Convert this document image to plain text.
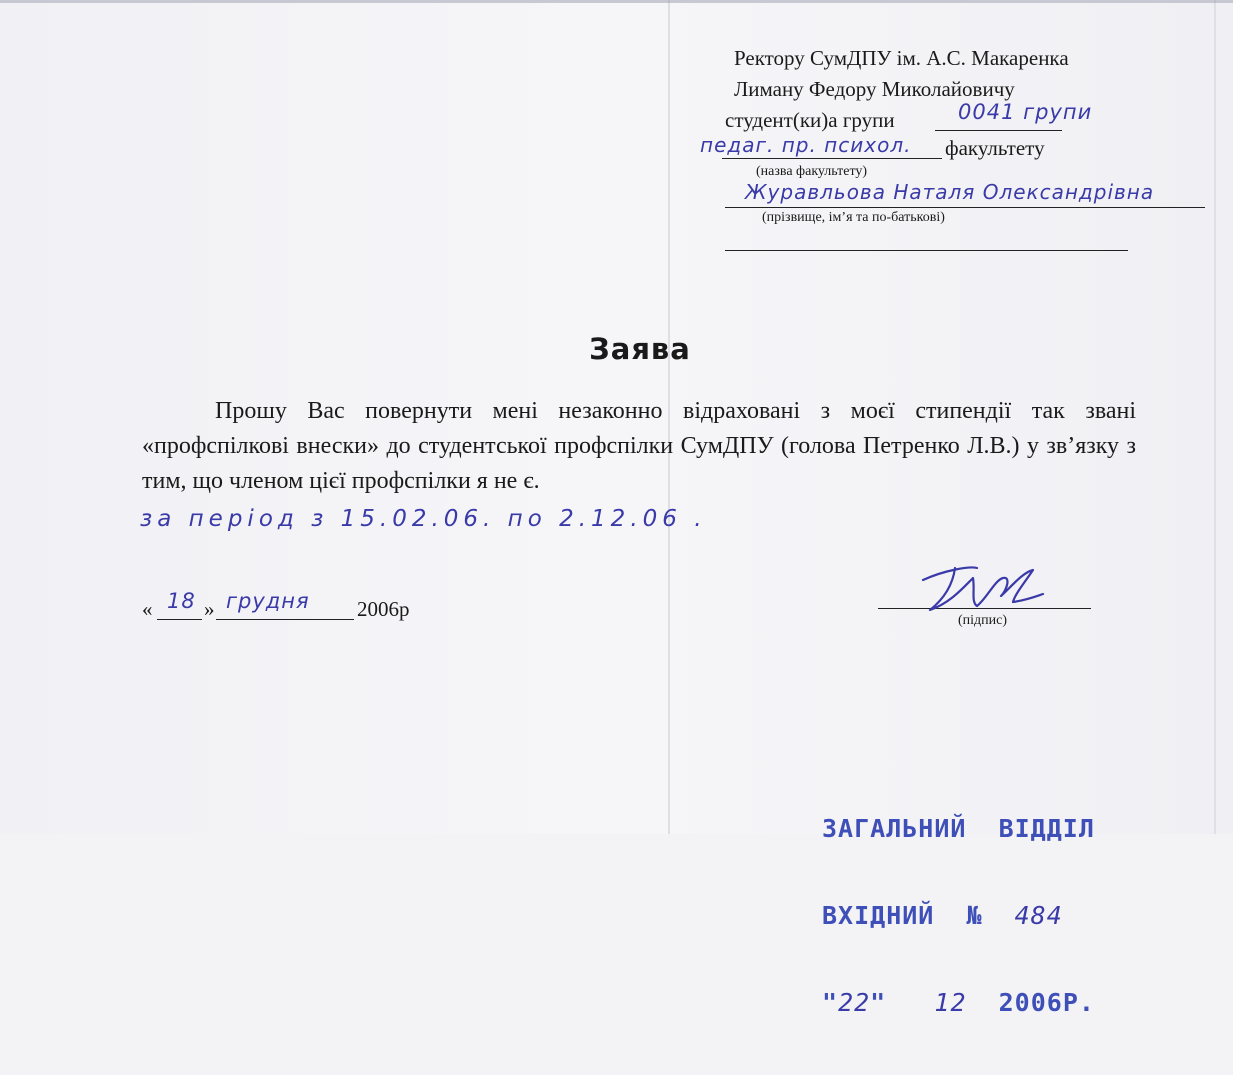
Ректору СумДПУ ім. А.С. Макаренка
Лиману Федору Миколайовичу
студент(ки)а групи	0041 групи
педаг. пр. психол. факультету
(назва факультету)
Журавльова Наталя Олександрівна
(прізвище, ім’я та по-батькові)
Заява

Прошу Вас повернути мені незаконно відраховані з моєї стипендії так звані «профспілкові внески» до студентської профспілки СумДПУ (голова Петренко Л.В.) у зв’язку з тим, що членом цієї профспілки я не є.

за період з 15.02.06. по 2.12.06 .
« 18 » грудня 2006р	(підпис)

ЗАГАЛЬНИЙ  ВІДДІЛ

ВХІДНИЙ  № 484

"22" 12 2006Р.
